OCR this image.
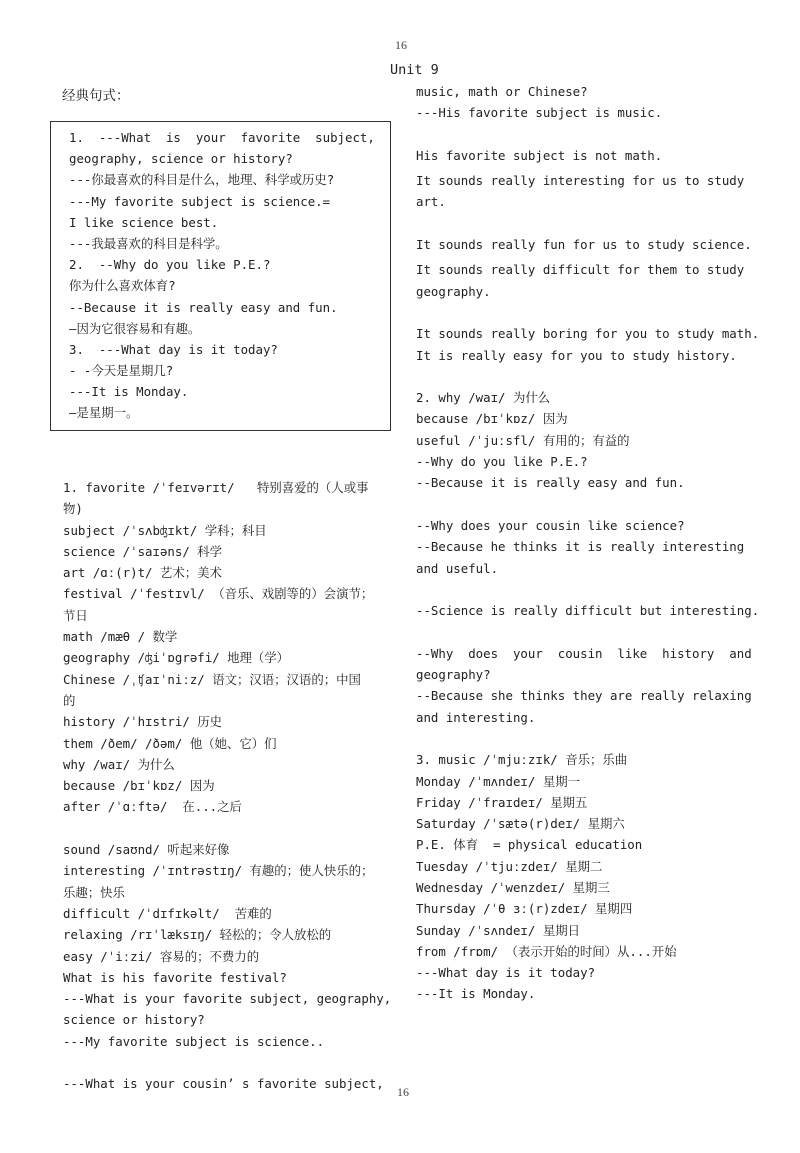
16
Unit 9
经典句式：
1.  ---What  is  your  favorite  subject,
geography, science or history?
---你最喜欢的科目是什么，地理、科学或历史?
---My favorite subject is science.=
I like science best.
---我最喜欢的科目是科学。
2.  --Why do you like P.E.?
你为什么喜欢体育?
--Because it is really easy and fun.
—因为它很容易和有趣。
3.  ---What day is it today?
- -今天是星期几?
---It is Monday.
—是星期一。
1. favorite /ˈfeɪvərɪt/   特别喜爱的（人或事
物)
subject /ˈsʌbʤɪkt/ 学科；科目
science /ˈsaɪəns/ 科学
art /ɑː(r)t/ 艺术；美术
festival /ˈfestɪvl/ （音乐、戏剧等的）会演节；
节日
math /mæθ / 数学
geography /ʤiˈɒgrəfi/ 地理（学）
Chinese /ˌʧaɪˈniːz/ 语文；汉语；汉语的；中国
的
history /ˈhɪstri/ 历史
them /ðem/ /ðəm/ 他（她、它）们
why /waɪ/ 为什么
because /bɪˈkɒz/ 因为
after /ˈɑːftə/  在...之后
sound /saʊnd/ 听起来好像
interesting /ˈɪntrəstɪŋ/ 有趣的；使人快乐的；
乐趣；快乐
difficult /ˈdɪfɪkəlt/  苦难的
relaxing /rɪˈlæksɪŋ/ 轻松的；令人放松的
easy /ˈiːzi/ 容易的；不费力的
What is his favorite festival?
---What is your favorite subject, geography,
science or history?
---My favorite subject is science..
---What is your cousin’ s favorite subject,
music, math or Chinese?
---His favorite subject is music.
His favorite subject is not math.
It sounds really interesting for us to study
art.
It sounds really fun for us to study science.
It sounds really difficult for them to study
geography.
It sounds really boring for you to study math.
It is really easy for you to study history.
2. why /waɪ/ 为什么
because /bɪˈkɒz/ 因为
useful /ˈjuːsfl/ 有用的；有益的
--Why do you like P.E.?
--Because it is really easy and fun.
--Why does your cousin like science?
--Because he thinks it is really interesting
and useful.
--Science is really difficult but interesting.
--Why  does  your  cousin  like  history  and
geography?
--Because she thinks they are really relaxing
and interesting.
3. music /ˈmjuːzɪk/ 音乐；乐曲
Monday /ˈmʌndeɪ/ 星期一
Friday /ˈfraɪdeɪ/ 星期五
Saturday /ˈsætə(r)deɪ/ 星期六
P.E. 体育  = physical education
Tuesday /ˈtjuːzdeɪ/ 星期二
Wednesday /ˈwenzdeɪ/ 星期三
Thursday /ˈθ ɜː(r)zdeɪ/ 星期四
Sunday /ˈsʌndeɪ/ 星期日
from /frɒm/ （表示开始的时间）从...开始
---What day is it today?
---It is Monday.
16
